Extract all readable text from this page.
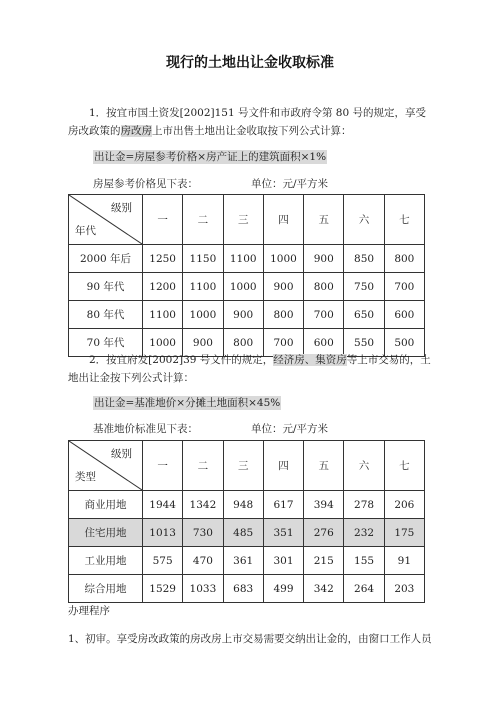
现行的土地出让金收取标准
1．按宜市国土资发[2002]151 号文件和市政府令第 80 号的规定，享受房改政策的房改房上市出售土地出让金收取按下列公式计算：
出让金=房屋参考价格×房产证上的建筑面积×1%
房屋参考价格见下表：	单位：元/平方米
级别
年代	一	二	三	四	五	六	七
2000 年后	1250	1150	1100	1000	900	850	800
90 年代	1200	1100	1000	900	800	750	700
80 年代	1100	1000	900	800	700	650	600
70 年代	1000	900	800	700	600	550	500
2．按宜府发[2002]39 号文件的规定，经济房、集资房等上市交易的，土地出让金按下列公式计算：
出让金=基准地价×分摊土地面积×45%
基准地价标准见下表：	单位：元/平方米
级别
类型	一	二	三	四	五	六	七
商业用地	1944	1342	948	617	394	278	206
住宅用地	1013	730	485	351	276	232	175
工业用地	575	470	361	301	215	155	91
综合用地	1529	1033	683	499	342	264	203
办理程序
1、初审。享受房改政策的房改房上市交易需要交纳出让金的，由窗口工作人员
